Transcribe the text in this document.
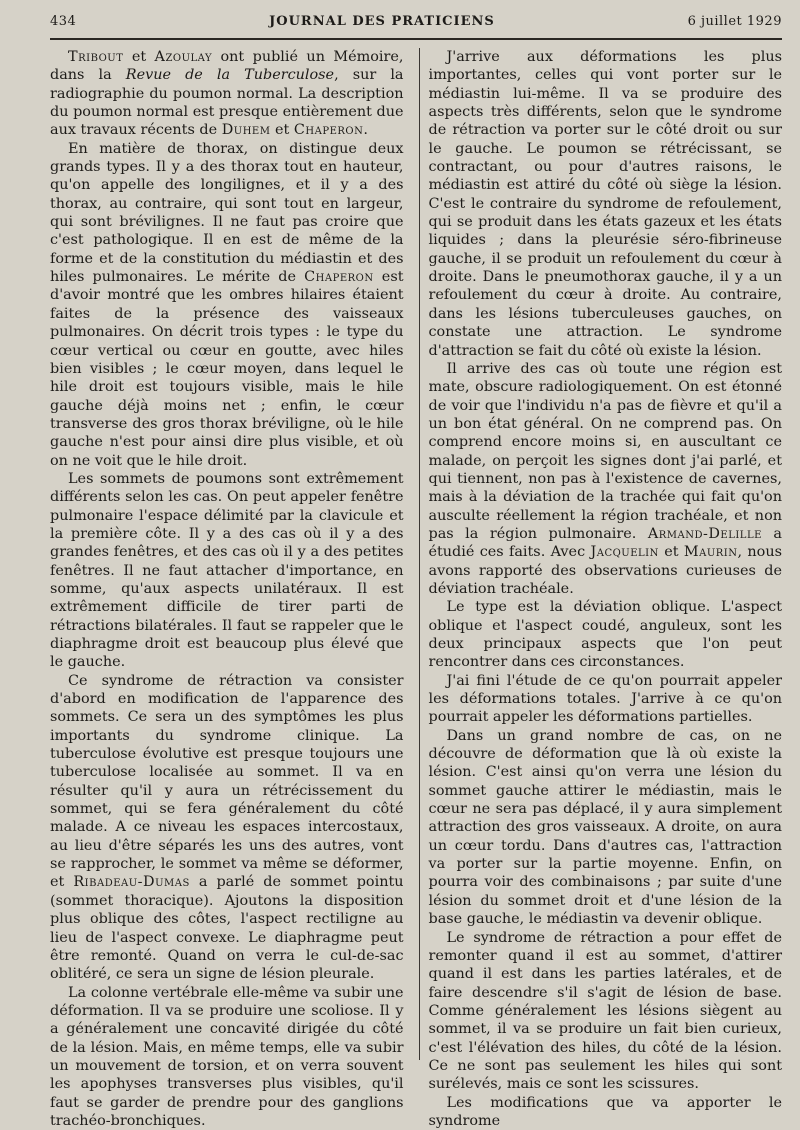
434	JOURNAL DES PRATICIENS	6 juillet 1929

Tribout et Azoulay ont publié un Mémoire, dans la Revue de la Tuberculose, sur la radiographie du poumon normal. La description du poumon normal est presque entièrement due aux travaux récents de Duhem et Chaperon.

En matière de thorax, on distingue deux grands types. Il y a des thorax tout en hauteur, qu'on appelle des longilignes, et il y a des thorax, au contraire, qui sont tout en largeur, qui sont brévilignes. Il ne faut pas croire que c'est pathologique. Il en est de même de la forme et de la constitution du médiastin et des hiles pulmonaires. Le mérite de Chaperon est d'avoir montré que les ombres hilaires étaient faites de la présence des vaisseaux pulmonaires. On décrit trois types : le type du cœur vertical ou cœur en goutte, avec hiles bien visibles ; le cœur moyen, dans lequel le hile droit est toujours visible, mais le hile gauche déjà moins net ; enfin, le cœur transverse des gros thorax bréviligne, où le hile gauche n'est pour ainsi dire plus visible, et où on ne voit que le hile droit.

Les sommets de poumons sont extrêmement différents selon les cas. On peut appeler fenêtre pulmonaire l'espace délimité par la clavicule et la première côte. Il y a des cas où il y a des grandes fenêtres, et des cas où il y a des petites fenêtres. Il ne faut attacher d'importance, en somme, qu'aux aspects unilatéraux. Il est extrêmement difficile de tirer parti de rétractions bilatérales. Il faut se rappeler que le diaphragme droit est beaucoup plus élevé que le gauche.

Ce syndrome de rétraction va consister d'abord en modification de l'apparence des sommets. Ce sera un des symptômes les plus importants du syndrome clinique. La tuberculose évolutive est presque toujours une tuberculose localisée au sommet. Il va en résulter qu'il y aura un rétrécissement du sommet, qui se fera généralement du côté malade. A ce niveau les espaces intercostaux, au lieu d'être séparés les uns des autres, vont se rapprocher, le sommet va même se déformer, et Ribadeau-Dumas a parlé de sommet pointu (sommet thoracique). Ajoutons la disposition plus oblique des côtes, l'aspect rectiligne au lieu de l'aspect convexe. Le diaphragme peut être remonté. Quand on verra le cul-de-sac oblitéré, ce sera un signe de lésion pleurale.

La colonne vertébrale elle-même va subir une déformation. Il va se produire une scoliose. Il y a généralement une concavité dirigée du côté de la lésion. Mais, en même temps, elle va subir un mouvement de torsion, et on verra souvent les apophyses transverses plus visibles, qu'il faut se garder de prendre pour des ganglions trachéo-bronchiques.

J'arrive aux déformations les plus importantes, celles qui vont porter sur le médiastin lui-même. Il va se produire des aspects très différents, selon que le syndrome de rétraction va porter sur le côté droit ou sur le gauche. Le poumon se rétrécissant, se contractant, ou pour d'autres raisons, le médiastin est attiré du côté où siège la lésion. C'est le contraire du syndrome de refoulement, qui se produit dans les états gazeux et les états liquides ; dans la pleurésie séro-fibrineuse gauche, il se produit un refoulement du cœur à droite. Dans le pneumothorax gauche, il y a un refoulement du cœur à droite. Au contraire, dans les lésions tuberculeuses gauches, on constate une attraction. Le syndrome d'attraction se fait du côté où existe la lésion.

Il arrive des cas où toute une région est mate, obscure radiologiquement. On est étonné de voir que l'individu n'a pas de fièvre et qu'il a un bon état général. On ne comprend pas. On comprend encore moins si, en auscultant ce malade, on perçoit les signes dont j'ai parlé, et qui tiennent, non pas à l'existence de cavernes, mais à la déviation de la trachée qui fait qu'on ausculte réellement la région trachéale, et non pas la région pulmonaire. Armand-Delille a étudié ces faits. Avec Jacquelin et Maurin, nous avons rapporté des observations curieuses de déviation trachéale.

Le type est la déviation oblique. L'aspect oblique et l'aspect coudé, anguleux, sont les deux principaux aspects que l'on peut rencontrer dans ces circonstances.

J'ai fini l'étude de ce qu'on pourrait appeler les déformations totales. J'arrive à ce qu'on pourrait appeler les déformations partielles.

Dans un grand nombre de cas, on ne découvre de déformation que là où existe la lésion. C'est ainsi qu'on verra une lésion du sommet gauche attirer le médiastin, mais le cœur ne sera pas déplacé, il y aura simplement attraction des gros vaisseaux. A droite, on aura un cœur tordu. Dans d'autres cas, l'attraction va porter sur la partie moyenne. Enfin, on pourra voir des combinaisons ; par suite d'une lésion du sommet droit et d'une lésion de la base gauche, le médiastin va devenir oblique.

Le syndrome de rétraction a pour effet de remonter quand il est au sommet, d'attirer quand il est dans les parties latérales, et de faire descendre s'il s'agit de lésion de base. Comme généralement les lésions siègent au sommet, il va se produire un fait bien curieux, c'est l'élévation des hiles, du côté de la lésion. Ce ne sont pas seulement les hiles qui sont surélevés, mais ce sont les scissures.

Les modifications que va apporter le syndrome
